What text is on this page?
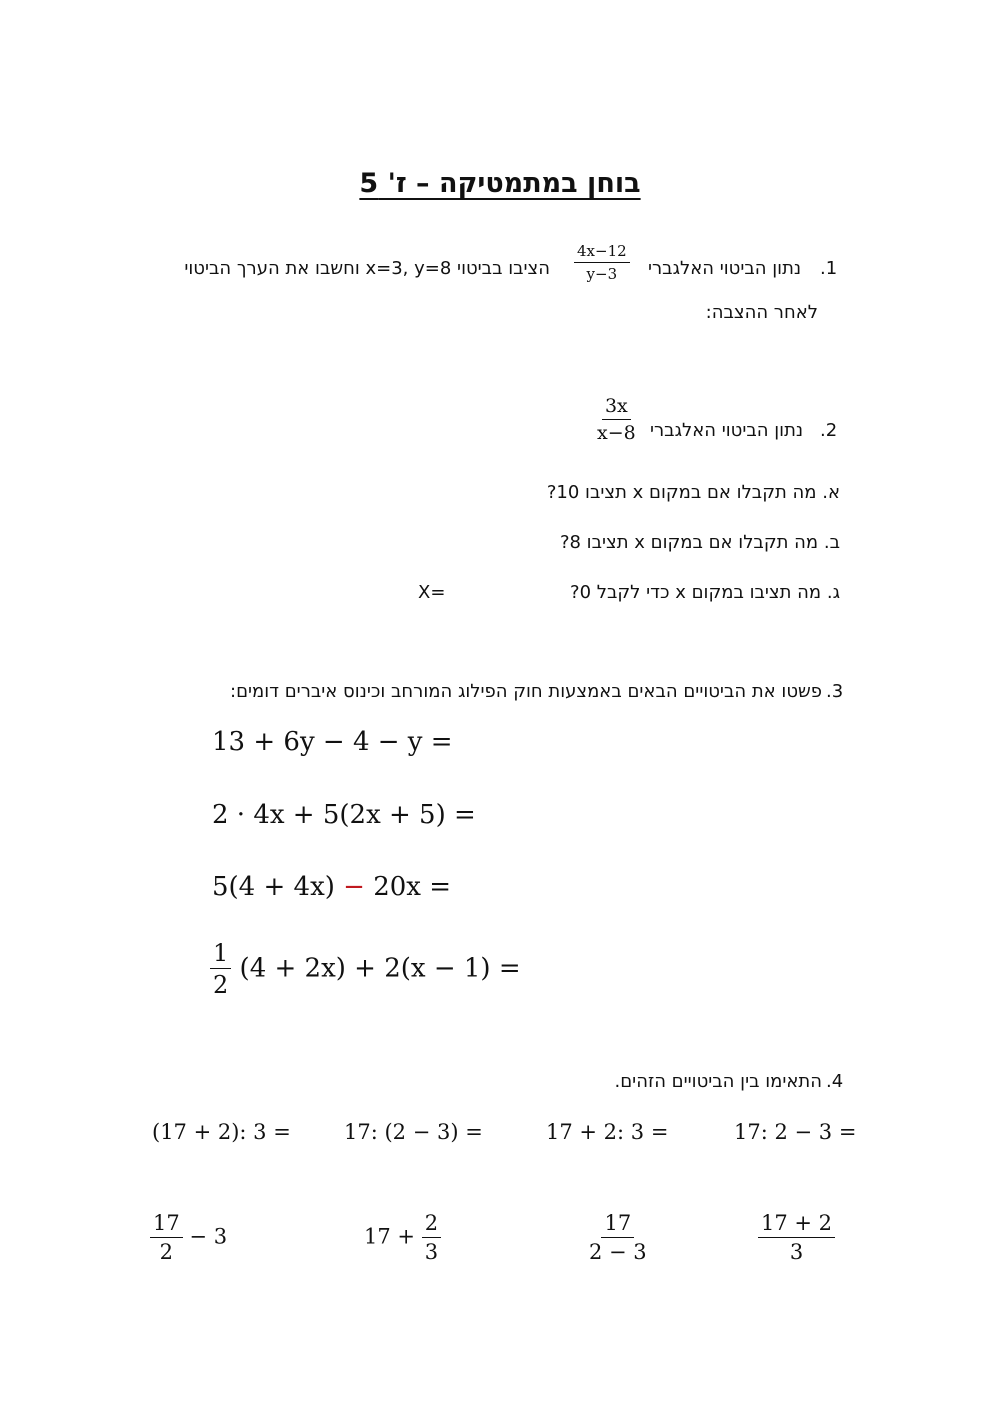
בוחן במתמטיקה – ז' 5
1.
נתון הביטוי האלגברי
$\frac{4x-12}{y-3}$
הציבו בביטוי x=3, y=8 וחשבו את הערך הביטוי
לאחר ההצבה:
2.
נתון הביטוי האלגברי
$\frac{3x}{x-8}$
א. מה תקבלו אם במקום x תציבו 10?
ב. מה תקבלו אם במקום x תציבו 8?
ג. מה תציבו במקום x כדי לקבל 0?
X=
3.
פשטו את הביטויים הבאים באמצעות חוק הפילוג המורחב וכינוס איברים דומים:
13 + 6y − 4 − y =
2 · 4x + 5(2x + 5) =
5(4 + 4x) − 20x =
$\frac{1}{2} (4 + 2x) + 2(x - 1)$ =
4.
התאימו בין הביטויים הזהים.
(17 + 2): 3 =	17: (2 − 3) =	17 + 2: 3 =	17: 2 − 3 =
$\frac{17}{2} - 3$	$17 + \frac{2}{3}$	$\frac{17}{2 - 3}$	$\frac{17 + 2}{3}$
